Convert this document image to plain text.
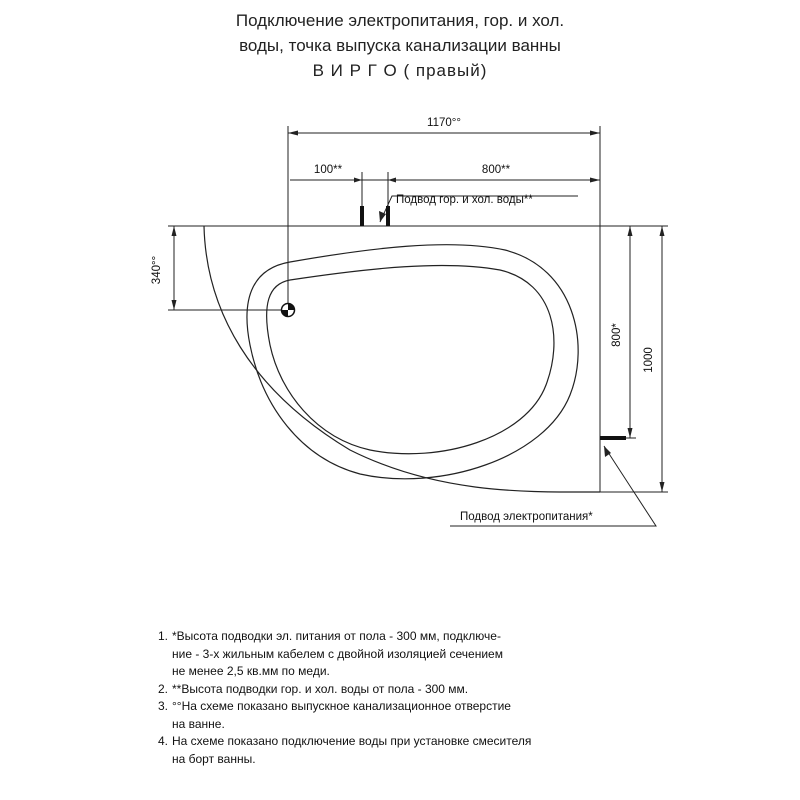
Подключение электропитания, гор. и хол.
воды, точка выпуска канализации ванны
В И Р Г О ( правый)
1170°°
100**	800**
340°°
800*
1000
Подвод гор. и хол. воды**
Подвод электропитания*
1. *Высота подводки эл. питания от пола - 300 мм, подключе-
ние - 3-х жильным кабелем с двойной изоляцией сечением
не менее 2,5 кв.мм по меди.
2. **Высота подводки гор. и хол. воды от пола - 300 мм.
3. °°На схеме показано выпускное канализационное отверстие
на ванне.
4. На схеме показано подключение воды при установке смесителя
на борт ванны.
